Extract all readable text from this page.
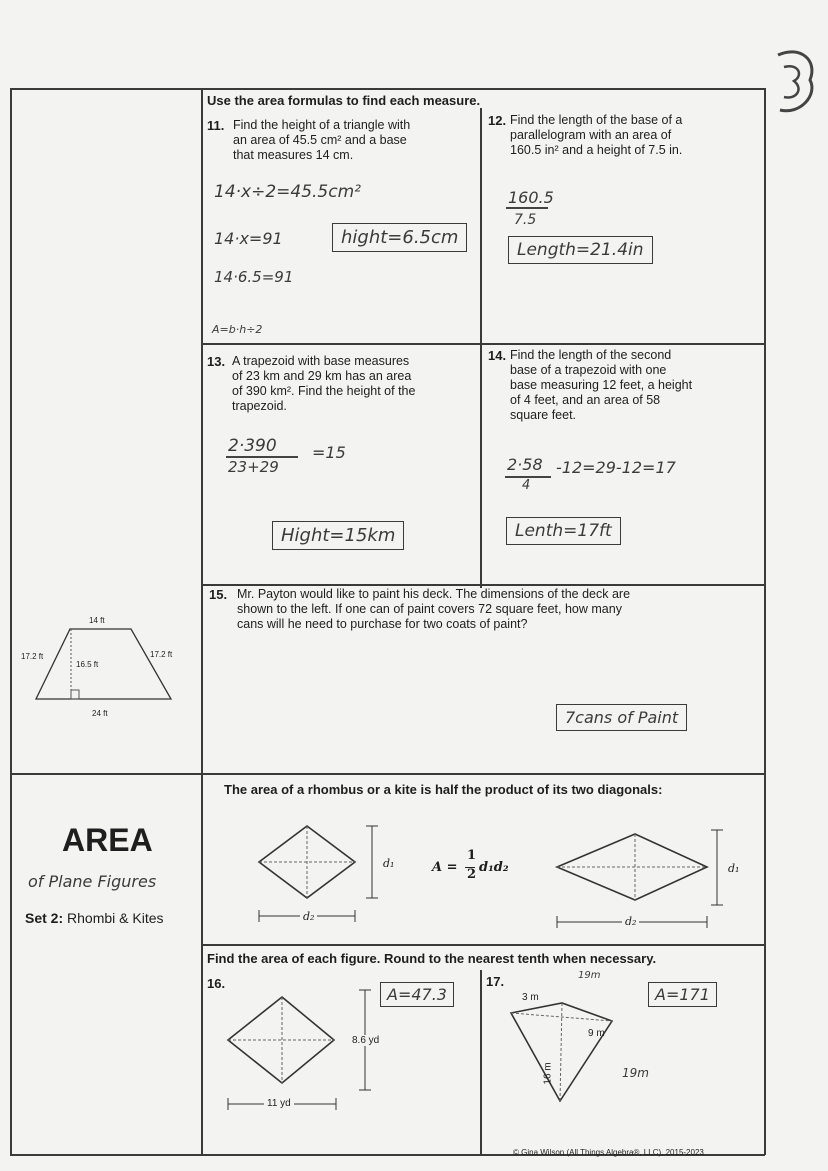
Use the area formulas to find each measure.
11. Find the height of a triangle with
an area of 45.5 cm² and a base
that measures 14 cm.
14·x÷2=45.5cm²
14·x=91
14·6.5=91
A=b·h÷2
hight=6.5cm
12. Find the length of the base of a
parallelogram with an area of
160.5 in² and a height of 7.5 in.
160.5
7.5
Length=21.4in
13. A trapezoid with base measures
of 23 km and 29 km has an area
of 390 km². Find the height of the
trapezoid.
2·390
23+29
=15
Hight=15km
14. Find the length of the second
base of a trapezoid with one
base measuring 12 feet, a height
of 4 feet, and an area of 58
square feet.
2·58
4
-12=29-12=17
Lenth=17ft
15. Mr. Payton would like to paint his deck. The dimensions of the deck are
shown to the left. If one can of paint covers 72 square feet, how many
cans will he need to purchase for two coats of paint?
7cans of Paint
14 ft
17.2 ft	17.2 ft
16.5 ft
24 ft
AREA
of Plane Figures
Set 2: Rhombi & Kites
The area of a rhombus or a kite is half the product of its two diagonals:
d₁
d₂
d₁
d₂
A =
1
2 d₁d₂
Find the area of each figure. Round to the nearest tenth when necessary.
16.
8.6 yd
11 yd
A=47.3
17.
3 m
9 m
16 m
19m
19m
A=171
© Gina Wilson (All Things Algebra®, LLC), 2015-2023
